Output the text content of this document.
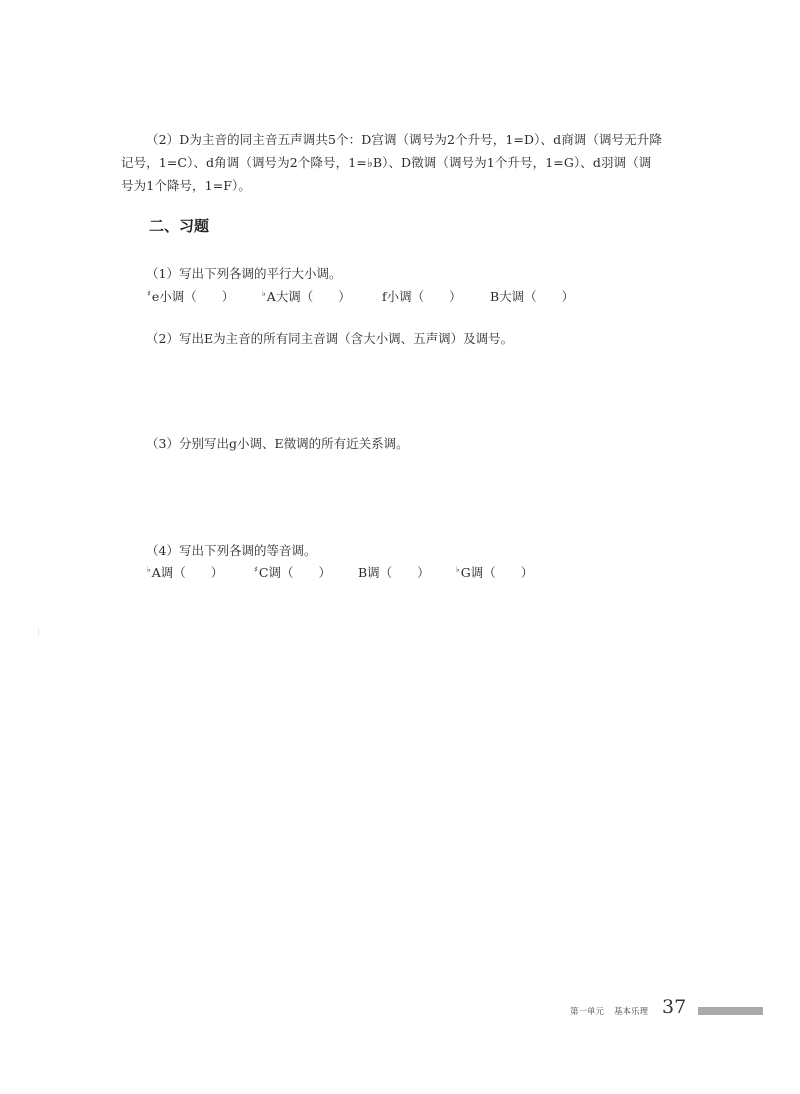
（2）D为主音的同主音五声调共5个：D宫调（调号为2个升号，1=D）、d商调（调号无升降
记号，1=C）、d角调（调号为2个降号，1=♭B）、D徵调（调号为1个升号，1=G）、d羽调（调
号为1个降号，1=F）。
二、习题
（1）写出下列各调的平行大小调。
♯e小调（　　）	♭A大调（　　） f小调（　　） B大调（　　）
（2）写出E为主音的所有同主音调（含大小调、五声调）及调号。
（3）分别写出g小调、E徵调的所有近关系调。
（4）写出下列各调的等音调。
♭A调（　　）	♯C调（　　） B调（　　）	♭G调（　　）
第一单元 基本乐理 37
